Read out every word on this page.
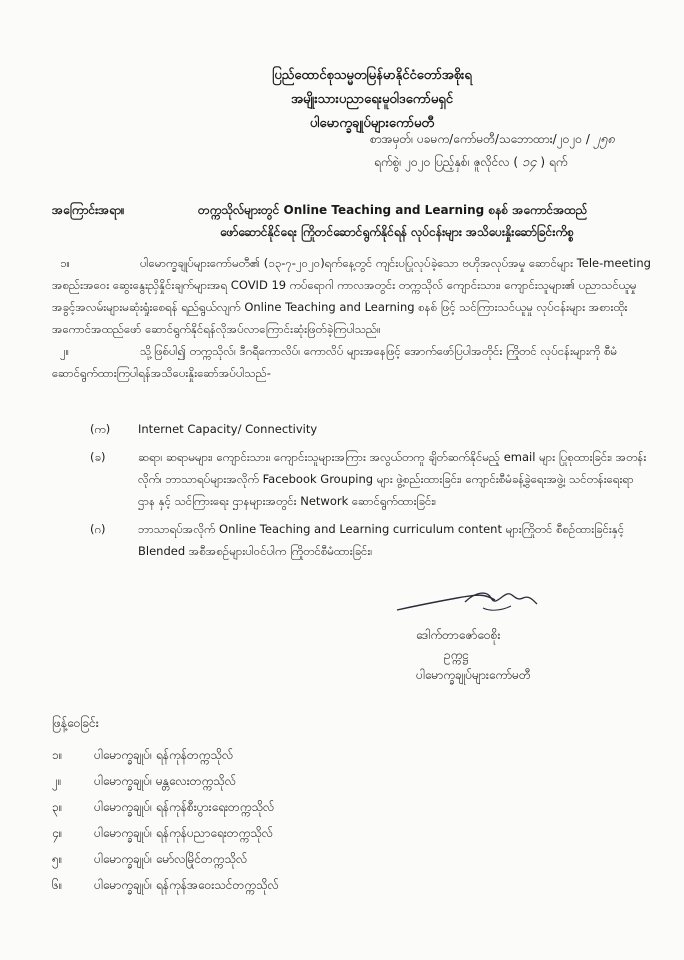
ပြည်ထောင်စုသမ္မတမြန်မာနိုင်ငံတော်အစိုးရ
အမျိုးသားပညာရေးမူဝါဒကော်မရှင်
ပါမောက္ခချုပ်များကော်မတီ
စာအမှတ်၊ ပခမက/ကော်မတီ/သဘောထား/၂၀၂၀ / ၂၅၈
ရက်စွဲ၊ ၂၀၂၀ ပြည့်နှစ်၊ ဇူလိုင်လ ( ၁၄ ) ရက်
အကြောင်းအရာ။	တက္ကသိုလ်များတွင် Online Teaching and Learning စနစ် အကောင်အထည်
ဖော်ဆောင်နိုင်ရေး ကြိုတင်ဆောင်ရွက်နိုင်ရန် လုပ်ငန်းများ အသိပေးနှိုးဆော်ခြင်းကိစ္စ
၁။	ပါမောက္ခချုပ်များကော်မတီ၏ (၁၃-၇-၂၀၂၀)ရက်နေ့တွင် ကျင်းပပြုလုပ်ခဲ့သော ဗဟိုအလုပ်အမှု ဆောင်များ Tele-meeting အစည်းအဝေး ဆွေးနွေးညှိနှိုင်းချက်များအရ COVID 19 ကပ်ရောဂါ ကာလအတွင်း တက္ကသိုလ် ကျောင်းသား၊ ကျောင်းသူများ၏ ပညာသင်ယူမှု အခွင့်အလမ်းများမဆုံးရှုံးစေရန် ရည်ရွယ်လျက် Online Teaching and Learning စနစ် ဖြင့် သင်ကြားသင်ယူမှု လုပ်ငန်းများ အစားထိုး အကောင်အထည်ဖော် ဆောင်ရွက်နိုင်ရန်လိုအပ်လာကြောင်းဆုံးဖြတ်ခဲ့ကြပါသည်။
၂။	သို့ဖြစ်ပါ၍ တက္ကသိုလ်၊ ဒီဂရီကောလိပ်၊ ကောလိပ် များအနေဖြင့် အောက်ဖော်ပြပါအတိုင်း ကြိုတင် လုပ်ငန်းများကို စီမံဆောင်ရွက်ထားကြပါရန်အသိပေးနှိုးဆော်အပ်ပါသည်-
(က) Internet Capacity/ Connectivity
(ခ)	ဆရာ၊ ဆရာမများ၊ ကျောင်းသား၊ ကျောင်းသူများအကြား အလွယ်တကူ ချိတ်ဆက်နိုင်မည့် email များ ပြုစုထားခြင်း၊ အတန်းလိုက်၊ ဘာသာရပ်များအလိုက် Facebook Grouping များ ဖွဲ့စည်းထားခြင်း၊ ကျောင်းစီမံခန့်ခွဲရေးအဖွဲ့၊ သင်တန်းရေးရာဌာန နှင့် သင်ကြားရေး ဌာနများအတွင်း Network ဆောင်ရွက်ထားခြင်း၊
(ဂ)	ဘာသာရပ်အလိုက် Online Teaching and Learning curriculum content များကြိုတင် စီစဉ်ထားခြင်းနှင့် Blended အစီအစဉ်များပါဝင်ပါက ကြိုတင်စီမံထားခြင်း၊
ဒေါက်တာဇော်ဝေစိုး
ဥက္ကဋ္ဌ
ပါမောက္ခချုပ်များကော်မတီ
ဖြန့်ဝေခြင်း
၁။	ပါမောက္ခချုပ်၊ ရန်ကုန်တက္ကသိုလ်
၂။	ပါမောက္ခချုပ်၊ မန္တလေးတက္ကသိုလ်
၃။	ပါမောက္ခချုပ်၊ ရန်ကုန်စီးပွားရေးတက္ကသိုလ်
၄။	ပါမောက္ခချုပ်၊ ရန်ကုန်ပညာရေးတက္ကသိုလ်
၅။	ပါမောက္ခချုပ်၊ မော်လမြိုင်တက္ကသိုလ်
၆။	ပါမောက္ခချုပ်၊ ရန်ကုန်အဝေးသင်တက္ကသိုလ်
